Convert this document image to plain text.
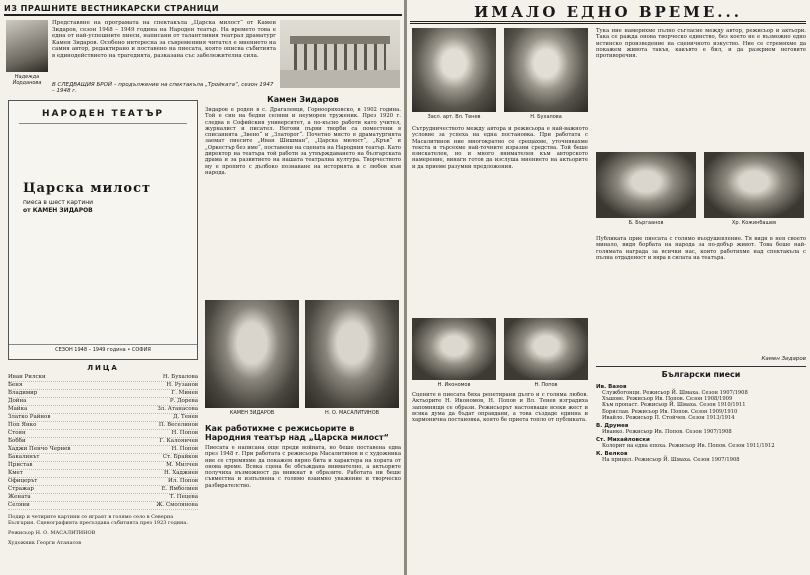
ИЗ ПРАШНИТЕ ВЕСТНИКАРСКИ СТРАНИЦИ	ИМАЛО ЕДНО ВРЕМЕ...
Надежда Йорданова
Представяне на програмата на спектакъла „Царска милост“ от Камен Зидаров, сезон 1948 – 1949 година на Народен театър. На времето това е една от най-успешните пиеси, написани от талантливия театрал драматург Камен Зидаров. Особено интересна за съвременния читател е мнението на самия автор, редактирано и поставено на пиесата, която описва събитията в единодействието на трагедията, разказана със забележителна сила.
В СЛЕДВАЩИЯ БРОЙ – продължение на спектакъла „Тройката“, сезон 1947 – 1948 г.
НАРОДЕН ТЕАТЪР
Царска милост
пиеса в шест картини
от КАМЕН ЗИДАРОВ
СЕЗОН 1948 – 1949 година • СОФИЯ
ЛИЦА
Иван Рилски	Н. Бухалова
Беня	Н. Рузанов
Владимир	Г. Минев
Дойна	Р. Дорева
Майка	Зл. Атанасова
Златко Райнов	Д. Тенев
Поп Янко	П. Веселинов
Стоян	Н. Попов
Бобби	Г. Калоянчев
Хаджи Пенчо Чернев	Н. Попов
Бакалинът	Ст. Брайков
Пристав	М. Милчев
Кмет	Н. Хаджиев
Офицерът	Ил. Попов
Стражар	Е. Ямболиев
Жената	Т. Пецева
Селяни	Ж. Смолянова
Подир и четирите картини се играят в голямо село в Северна България. Сценографията пресъздава събитията през 1923 година.
Режисьор Н. О. МАСАЛИТИНОВ
Художник Георги Атанасов
Камен Зидаров
Зидаров е роден в с. Драгалевци, Горнооряховско, в 1902 година. Той е син на бедни селяни и неуморен труженик. През 1920 г. следва в Софийския университет, а по-късно работи като учител, журналист и писател. Негови първи творби са поместени в списанията „Звено“ и „Златорог“. Почетно място в драматургията заемат пиесите „Иван Шишман“, „Царска милост“, „Кръв“ и „Оркестър без име“, поставени на сцената на Народния театър. Като директор на театъра той работи за утвърждаването на българската драма и за развитието на нашата театрална култура. Творчеството му е пропито с дълбоко познаване на историята и с любов към народа.
КАМЕН ЗИДАРОВ	Н. О. МАСАЛИТИНОВ
Как работихме с режисьорите в Народния театър над „Царска милост“
Пиесата е написана още преди войната, но беше поставена едва през 1948 г. При работата с режисьора Масалитинов и с художника ние се стремяхме да покажем вярно бита и характера на хората от онова време. Всяка сцена бе обсъждана внимателно, а актьорите получиха възможност да вникнат в образите. Работата ни беше съвместна и изпълнена с голямо взаимно уважение и творческо разбирателство.
Засл. арт. Вл. Тенев	Н. Бухалова
Сътрудничеството между автора и режисьора е най-важното условие за успеха на една постановка. При работата с Масалитинов ние многократно се срещахме, уточнявахме текста и търсехме най-точните изразни средства. Той беше взискателен, но и много внимателен към авторското намерение, винаги готов да изслуша мнението на актьорите и да приеме разумни предложения.
Н. Икономов	Н. Попов
Сцените в пиесата бяха репетирани дълго и с голяма любов. Актьорите Н. Икономов, Н. Попов и Вл. Тенев изградиха запомнящи се образи. Режисьорът настояваше всеки жест и всяка дума да бъдат оправдани, а това създаде единна и хармонична постановка, която бе приета топло от публиката.
Тука ние намерихме пълно съгласие между автор, режисьор и актьори. Така се ражда онова творческо единство, без което не е възможно едно истинско произведение на сценичното изкуство. Ние се стремяхме да покажем живота такъв, какъвто е бил, и да разкрием неговите противоречия.
Б. Бъргаанов	Хр. Кожинбашев
Публиката прие пиесата с голямо въодушевление. Тя видя в нея своето минало, видя борбата на народа за по-добър живот. Това беше най-голямата награда за всички нас, които работихме над спектакъла с пълна отдаденост и вяра в силата на театъра.
Камен Зидаров
Български пиеси
Ив. Вазов
Службогонци. Режисьор Й. Шмаха. Сезон 1907/1908
Хъшове. Режисьор Ив. Попов. Сезон 1908/1909
Към пропаст. Режисьор Й. Шмаха. Сезон 1910/1911
Борислав. Режисьор Ив. Попов. Сезон 1909/1910
Ивайло. Режисьор П. Стойчев. Сезон 1913/1914
В. Друмев
Иванко. Режисьор Ив. Попов. Сезон 1907/1908
Ст. Михайловски
Колорит на една епоха. Режисьор Ив. Попов. Сезон 1911/1912
К. Велков
На прицел. Режисьор Й. Шмаха. Сезон 1907/1908
